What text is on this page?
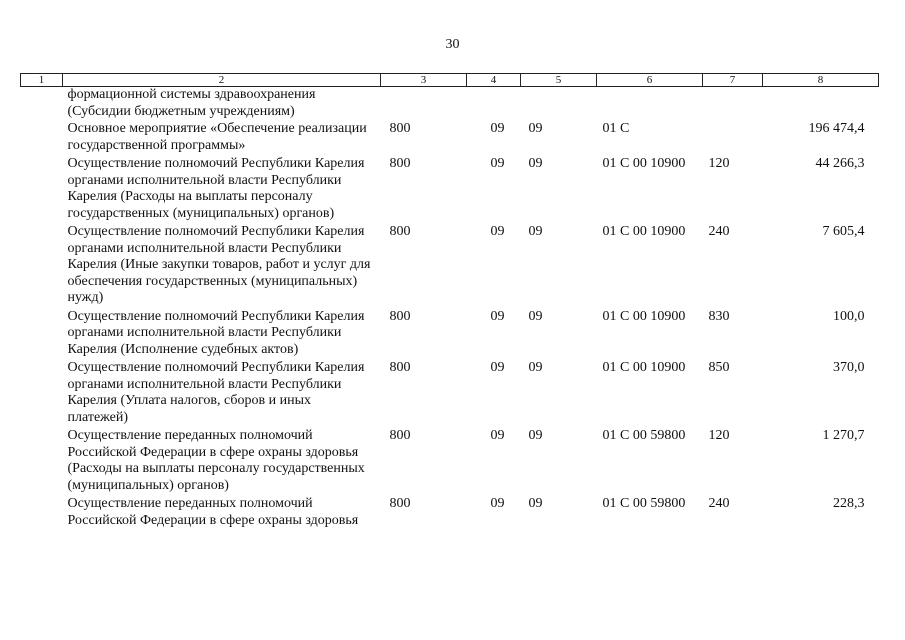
30
1	2	3	4	5	6	7	8
формационной системы здравоохранения (Субсидии бюджетным учреждениям)							
Основное мероприятие «Обеспечение реализации государственной программы»		800	09	09	01 С		196 474,4
Осуществление полномочий Республики Карелия органами исполнительной власти Республики Карелия (Расходы на выплаты персоналу государственных (муниципальных) органов)		800	09	09	01 С 00 10900	120	44 266,3
Осуществление полномочий Республики Карелия органами исполнительной власти Республики Карелия (Иные закупки товаров, работ и услуг для обеспечения государственных (муниципальных) нужд)		800	09	09	01 С 00 10900	240	7 605,4
Осуществление полномочий Республики Карелия органами исполнительной власти Республики Карелия (Исполнение судебных актов)		800	09	09	01 С 00 10900	830	100,0
Осуществление полномочий Республики Карелия органами исполнительной власти Республики Карелия (Уплата налогов, сборов и иных платежей)		800	09	09	01 С 00 10900	850	370,0
Осуществление переданных полномочий Российской Федерации в сфере охраны здоровья (Расходы на выплаты персоналу государственных (муниципальных) органов)		800	09	09	01 С 00 59800	120	1 270,7
Осуществление переданных полномочий Российской Федерации в сфере охраны здоровья		800	09	09	01 С 00 59800	240	228,3
